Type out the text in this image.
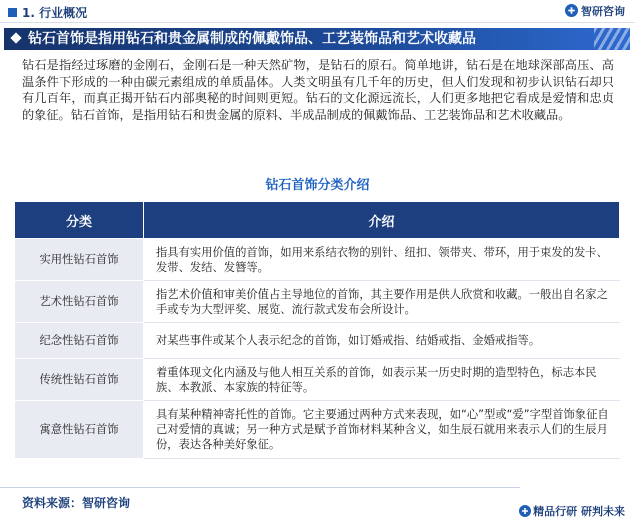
1. 行业概况	智研咨询
钻石首饰是指用钻石和贵金属制成的佩戴饰品、工艺装饰品和艺术收藏品
钻石是指经过琢磨的金刚石，金刚石是一种天然矿物，是钻石的原石。简单地讲，钻石是在地球深部高压、高温条件下形成的一种由碳元素组成的单质晶体。人类文明虽有几千年的历史，但人们发现和初步认识钻石却只有几百年，而真正揭开钻石内部奥秘的时间则更短。钻石的文化源远流长，人们更多地把它看成是爱情和忠贞的象征。钻石首饰，是指用钻石和贵金属的原料、半成品制成的佩戴饰品、工艺装饰品和艺术收藏品。
钻石首饰分类介绍
分类	介绍
实用性钻石首饰	指具有实用价值的首饰，如用来系结衣物的别针、纽扣、领带夹、带环，用于束发的发卡、发带、发结、发簪等。
艺术性钻石首饰	指艺术价值和审美价值占主导地位的首饰，其主要作用是供人欣赏和收藏。一般出自名家之手或专为大型评奖、展览、流行款式发布会所设计。
纪念性钻石首饰	对某些事件或某个人表示纪念的首饰，如订婚戒指、结婚戒指、金婚戒指等。
传统性钻石首饰	着重体现文化内涵及与他人相互关系的首饰，如表示某一历史时期的造型特色，标志本民族、本教派、本家族的特征等。
寓意性钻石首饰	具有某种精神寄托性的首饰。它主要通过两种方式来表现，如“心”型或“爱”字型首饰象征自己对爱情的真诚；另一种方式是赋予首饰材料某种含义，如生辰石就用来表示人们的生辰月份，表达各种美好象征。
资料来源：智研咨询
精品行研 研判未来
